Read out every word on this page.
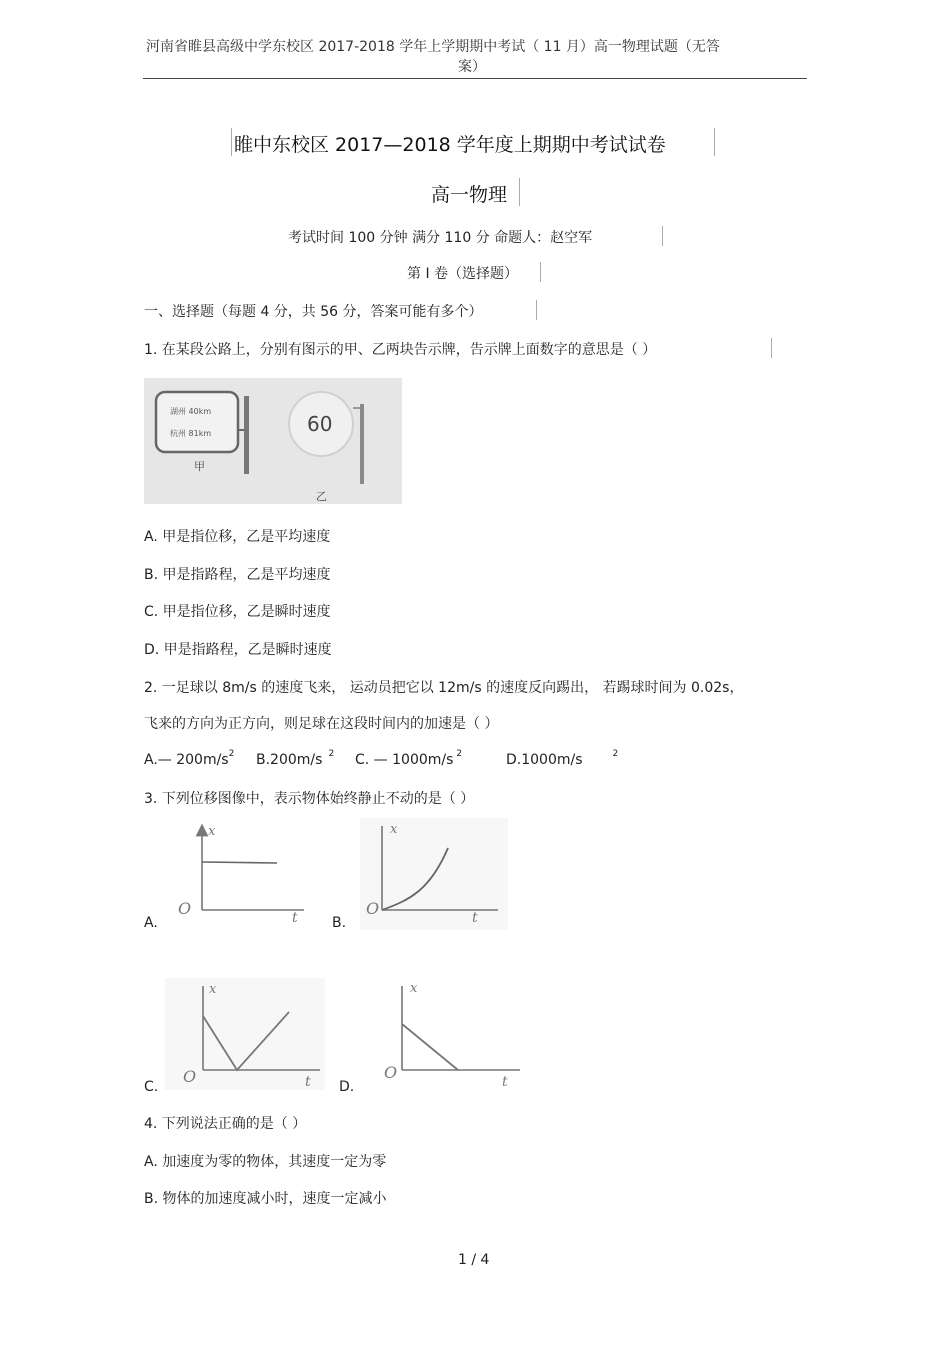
河南省睢县高级中学东校区 2017-2018 学年上学期期中考试（ 11 月）高一物理试题（无答
案）
睢中东校区 2017—2018 学年度上期期中考试试卷
高一物理
考试时间 100 分钟 满分 110 分 命题人：赵空军
第 I 卷（选择题）
一、选择题（每题 4 分，共 56 分，答案可能有多个）
1. 在某段公路上，分别有图示的甲、乙两块告示牌，告示牌上面数字的意思是（ ）
湖州 40km
杭州 81km
甲
60
乙
A. 甲是指位移，乙是平均速度
B. 甲是指路程，乙是平均速度
C. 甲是指位移，乙是瞬时速度
D. 甲是指路程，乙是瞬时速度
2. 一足球以 8m/s 的速度飞来， 运动员把它以 12m/s 的速度反向踢出， 若踢球时间为 0.02s，
飞来的方向为正方向，则足球在这段时间内的加速是（ ）
A.— $200m/s^2$ B.200m/s $^2$ C. — 1000m/s $^2$	D.1000m/s	$^2$
3. 下列位移图像中，表示物体始终静止不动的是（ ）
x
t
O
A.
x
t
O
B.
x
t
O
C.
x
t
O
D.
4. 下列说法正确的是（ ）
A. 加速度为零的物体，其速度一定为零
B. 物体的加速度减小时，速度一定减小
1 / 4
